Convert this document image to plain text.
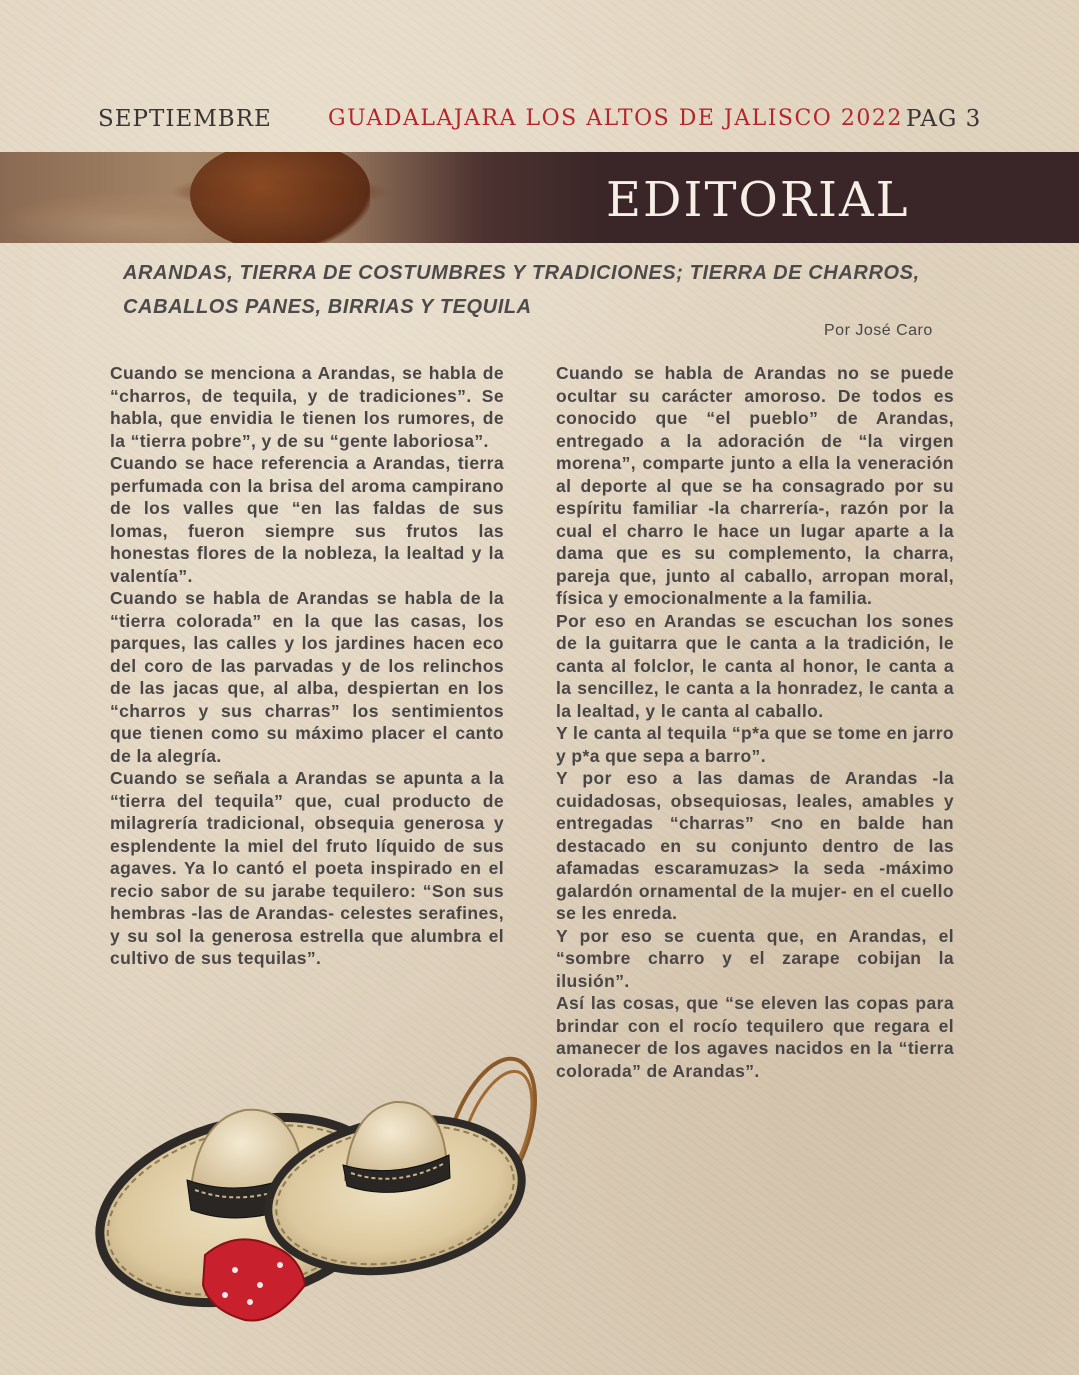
SEPTIEMBRE	GUADALAJARA LOS ALTOS DE JALISCO 2022 PAG 3
EDITORIAL
ARANDAS, TIERRA DE COSTUMBRES Y TRADICIONES; TIERRA DE CHARROS,
CABALLOS PANES, BIRRIAS Y TEQUILA
Por José Caro

Cuando se menciona a Arandas, se habla de “charros, de tequila, y de tradiciones”. Se habla, que envidia le tienen los rumores, de la “tierra pobre”, y de su “gente laboriosa”.

Cuando se hace referencia a Arandas, tierra perfumada con la brisa del aroma campirano de los valles que “en las faldas de sus lomas, fueron siempre sus frutos las honestas flores de la nobleza, la lealtad y la valentía”.

Cuando se habla de Arandas se habla de la “tierra colorada” en la que las casas, los parques, las calles y los jardines hacen eco del coro de las parvadas y de los relinchos de las jacas que, al alba, despiertan en los “charros y sus charras” los sentimientos que tienen como su máximo placer el canto de la alegría.

Cuando se señala a Arandas se apunta a la “tierra del tequila” que, cual producto de milagrería tradicional, obsequia generosa y esplendente la miel del fruto líquido de sus agaves. Ya lo cantó el poeta inspirado en el recio sabor de su jarabe tequilero: “Son sus hembras -las de Arandas- celestes serafines, y su sol la generosa estrella que alumbra el cultivo de sus tequilas”.

Cuando se habla de Arandas no se puede ocultar su carácter amoroso. De todos es conocido que “el pueblo” de Arandas, entregado a la adoración de “la virgen morena”, comparte junto a ella la veneración al deporte al que se ha consagrado por su espíritu familiar -la charrería-, razón por la cual el charro le hace un lugar aparte a la dama que es su complemento, la charra, pareja que, junto al caballo, arropan moral, física y emocionalmente a la familia.

Por eso en Arandas se escuchan los sones de la guitarra que le canta a la tradición, le canta al folclor, le canta al honor, le canta a la sencillez, le canta a la honradez, le canta a la lealtad, y le canta al caballo.

Y le canta al tequila “p*a que se tome en jarro y p*a que sepa a barro”.

Y por eso a las damas de Arandas -la cuidadosas, obsequiosas, leales, amables y entregadas “charras” <no en balde han destacado en su conjunto dentro de las afamadas escaramuzas> la seda -máximo galardón ornamental de la mujer- en el cuello se les enreda.

Y por eso se cuenta que, en Arandas, el “sombre charro y el zarape cobijan la ilusión”.

Así las cosas, que “se eleven las copas para brindar con el rocío tequilero que regara el amanecer de los agaves nacidos en la “tierra colorada” de Arandas”.
